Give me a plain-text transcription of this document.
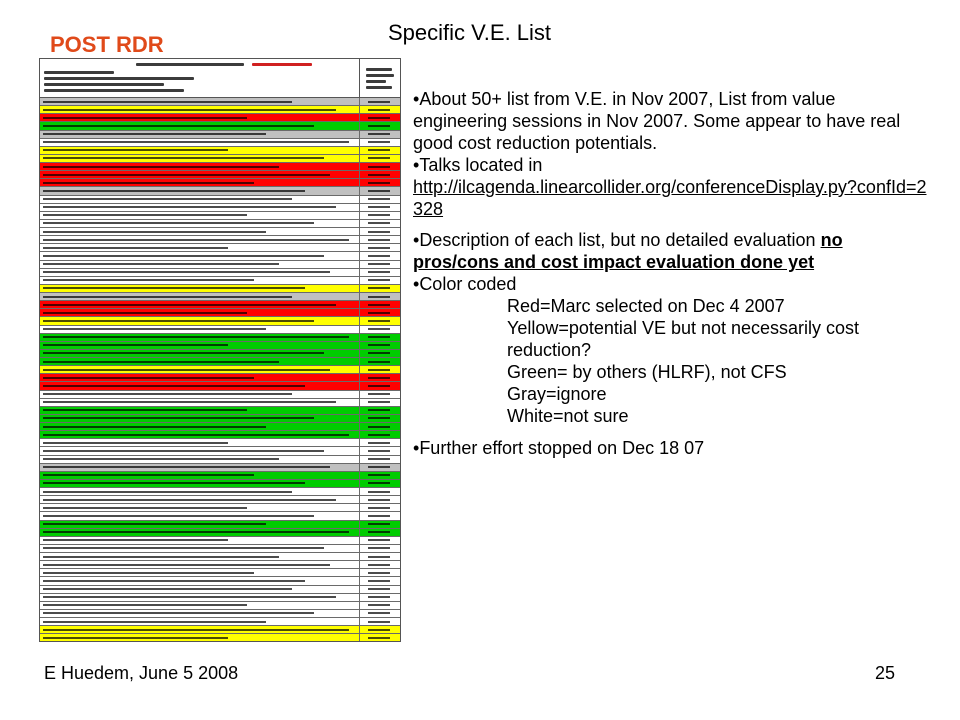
Specific V.E. List
POST RDR

•About 50+ list from V.E. in Nov 2007, List from value engineering sessions in Nov 2007. Some appear to have real good cost reduction potentials.

•Talks located in
http://ilcagenda.linearcollider.org/conferenceDisplay.py?confId=2328

•Description of each list, but no detailed evaluation no pros/cons and cost impact evaluation done yet

•Color coded

Red=Marc selected on Dec 4 2007

Yellow=potential VE but not necessarily cost reduction?

Green= by others (HLRF), not CFS

Gray=ignore

White=not sure

•Further effort stopped on Dec 18 07

E Huedem, June 5 2008	25
